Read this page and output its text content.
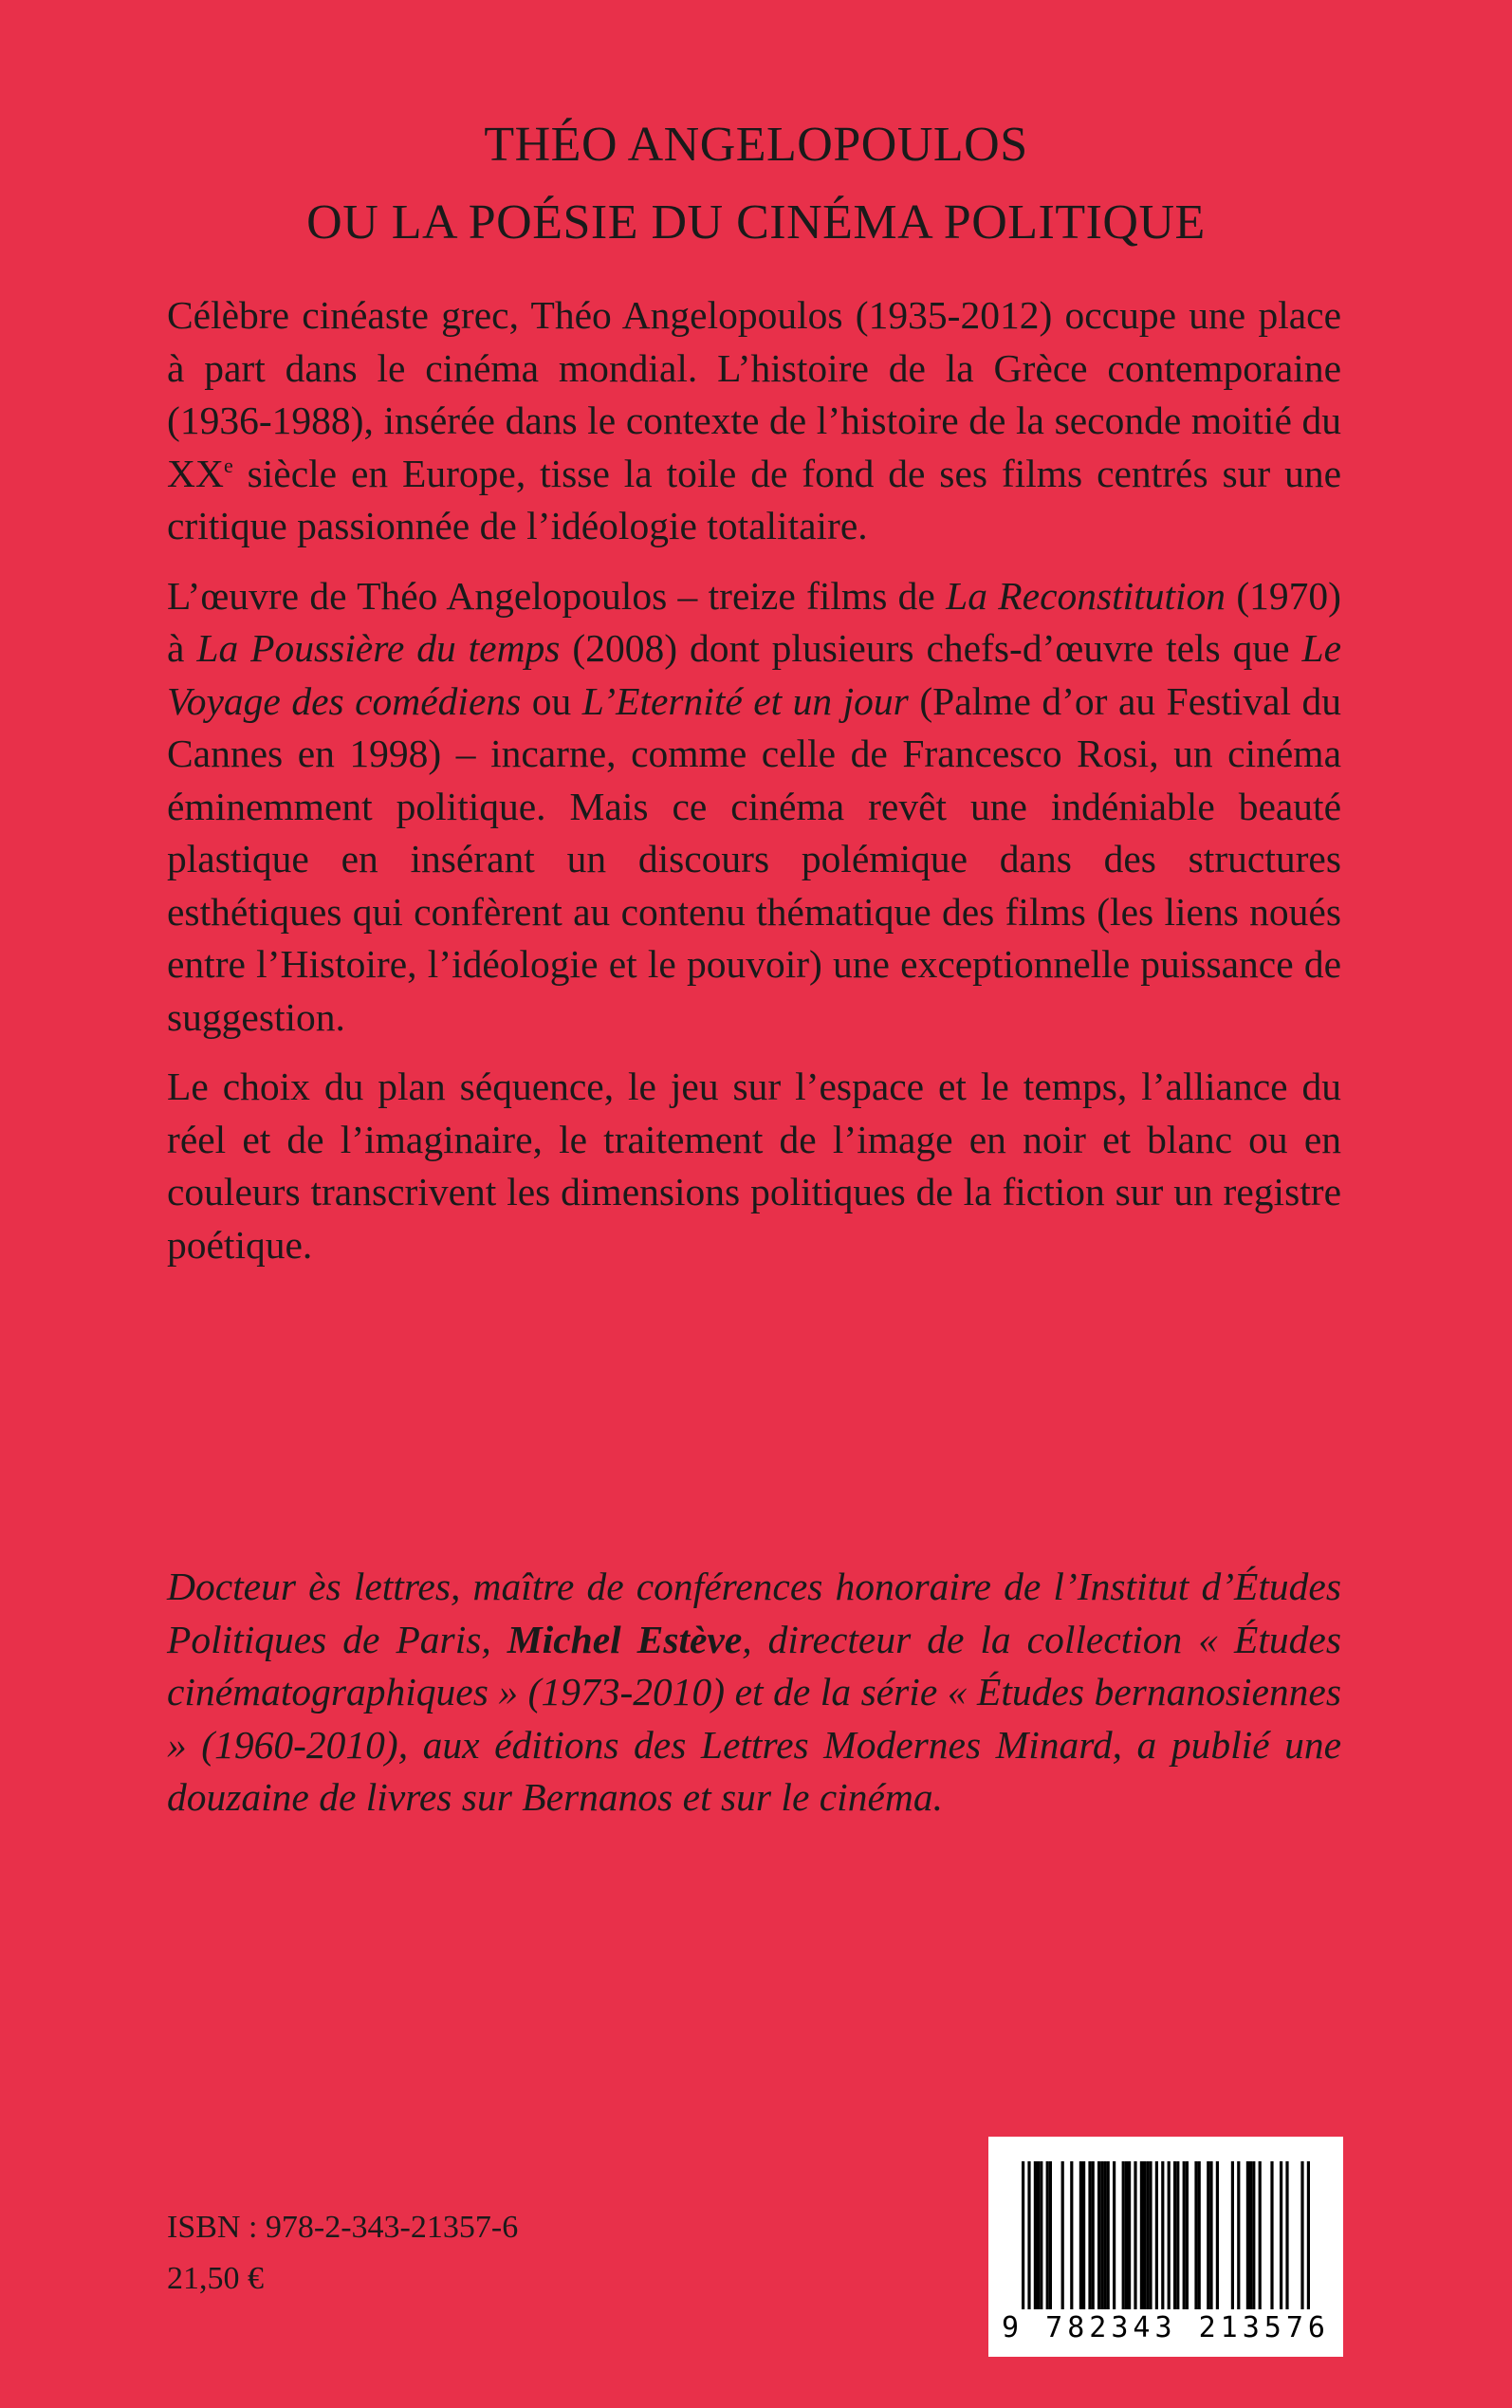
THÉO ANGELOPOULOS
OU LA POÉSIE DU CINÉMA POLITIQUE

Célèbre cinéaste grec, Théo Angelopoulos (1935-2012) occupe une place à part dans le cinéma mondial. L’histoire de la Grèce contemporaine (1936-1988), insérée dans le contexte de l’histoire de la seconde moitié du XXe siècle en Europe, tisse la toile de fond de ses films centrés sur une critique passionnée de l’idéologie totalitaire.

L’œuvre de Théo Angelopoulos – treize films de La Reconstitution (1970) à La Poussière du temps (2008) dont plusieurs chefs-d’œuvre tels que Le Voyage des comédiens ou L’Eternité et un jour (Palme d’or au Festival du Cannes en 1998) – incarne, comme celle de Francesco Rosi, un cinéma éminemment politique. Mais ce cinéma revêt une indéniable beauté plastique en insérant un discours polémique dans des structures esthétiques qui confèrent au contenu thématique des films (les liens noués entre l’Histoire, l’idéologie et le pouvoir) une exceptionnelle puissance de suggestion.

Le choix du plan séquence, le jeu sur l’espace et le temps, l’alliance du réel et de l’imaginaire, le traitement de l’image en noir et blanc ou en couleurs transcrivent les dimensions politiques de la fiction sur un registre poétique.

Docteur ès lettres, maître de conférences honoraire de l’Institut d’Études Politiques de Paris, Michel Estève, directeur de la collection « Études cinématographiques » (1973-2010) et de la série « Études bernanosiennes » (1960-2010), aux éditions des Lettres Modernes Minard, a publié une douzaine de livres sur Bernanos et sur le cinéma.
ISBN : 978-2-343-21357-6
21,50 €
9 782343 213576
